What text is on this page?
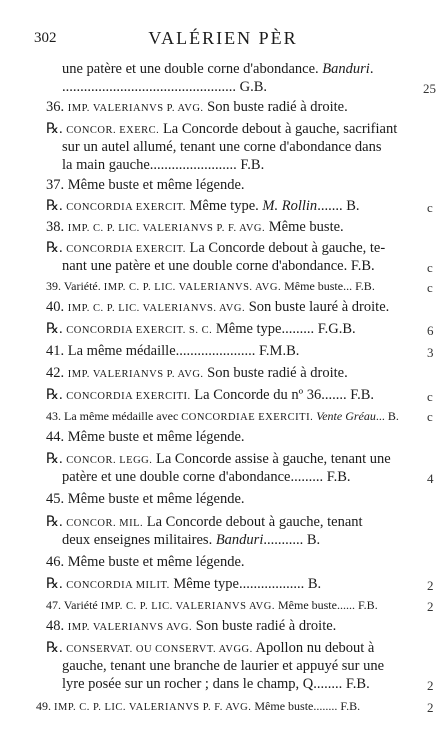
302	VALÉRIEN PÈR
une patère et une double corne d'abondance. Banduri.
................................................ G.B.
36. IMP. VALERIANVS P. AVG. Son buste radié à droite.
℞. CONCOR. EXERC. La Concorde debout à gauche, sacrifiant
sur un autel allumé, tenant une corne d'abondance dans
la main gauche........................ F.B.
37. Même buste et même légende.
℞. CONCORDIA EXERCIT. Même type. M. Rollin....... B.
38. IMP. C. P. LIC. VALERIANVS P. F. AVG. Même buste.
℞. CONCORDIA EXERCIT. La Concorde debout à gauche, te-
nant une patère et une double corne d'abondance. F.B.
39. Variété. IMP. C. P. LIC. VALERIANVS. AVG. Même buste... F.B.
40. IMP. C. P. LIC. VALERIANVS. AVG. Son buste lauré à droite.
℞. CONCORDIA EXERCIT. S. C. Même type......... F.G.B.
41. La même médaille...................... F.M.B.
42. IMP. VALERIANVS P. AVG. Son buste radié à droite.
℞. CONCORDIA EXERCITI. La Concorde du nº 36....... F.B.
43. La même médaille avec CONCORDIAE EXERCITI. Vente Gréau... B.
44. Même buste et même légende.
℞. CONCOR. LEGG. La Concorde assise à gauche, tenant une
patère et une double corne d'abondance......... F.B.
45. Même buste et même légende.
℞. CONCOR. MIL. La Concorde debout à gauche, tenant
deux enseignes militaires. Banduri........... B.
46. Même buste et même légende.
℞. CONCORDIA MILIT. Même type.................. B.
47. Variété IMP. C. P. LIC. VALERIANVS AVG. Même buste...... F.B.
48. IMP. VALERIANVS AVG. Son buste radié à droite.
℞. CONSERVAT. OU CONSERVT. AVGG. Apollon nu debout à
gauche, tenant une branche de laurier et appuyé sur une
lyre posée sur un rocher ; dans le champ, Q........ F.B.
49. IMP. C. P. LIC. VALERIANVS P. F. AVG. Même buste........ F.B.
25
c
c
c
6
3
c
c
4
2
2
2
2
